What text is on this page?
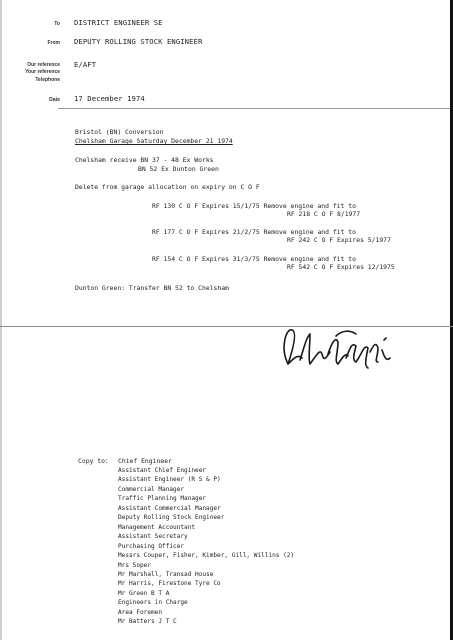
To DISTRICT ENGINEER SE
From DEPUTY ROLLING STOCK ENGINEER
Our reference E/AFT
Your reference
Telephone
Date 17 December 1974
Bristol (BN) Conversion
Chelsham Garage Saturday December 21 1974
Chelsham receive BN 37 - 48 Ex Works
BN 52 Ex Dunton Green
Delete from garage allocation on expiry on C O F
RF 130 C O F Expires 15/1/75 Remove engine and fit to
RF 218 C O F 8/1977
RF 177 C O F Expires 21/2/75 Remove engine and fit to
RF 242 C O F Expires 5/1977
RF 154 C O F Expires 31/3/75 Remove engine and fit to
RF 542 C O F Expires 12/1975
Dunton Green: Transfer BN 52 to Chelsham
Copy to: Chief Engineer
Assistant Chief Engineer
Assistant Engineer (R S & P)
Commercial Manager
Traffic Planning Manager
Assistant Commercial Manager
Deputy Rolling Stock Engineer
Management Accountant
Assistant Secretary
Purchasing Officer
Messrs Couper, Fisher, Kimber, Gill, Willins (2)
Mrs Soper
Mr Marshall, Transad House
Mr Harris, Firestone Tyre Co
Mr Green B T A
Engineers in Charge
Area Foremen
Mr Batters J T C
